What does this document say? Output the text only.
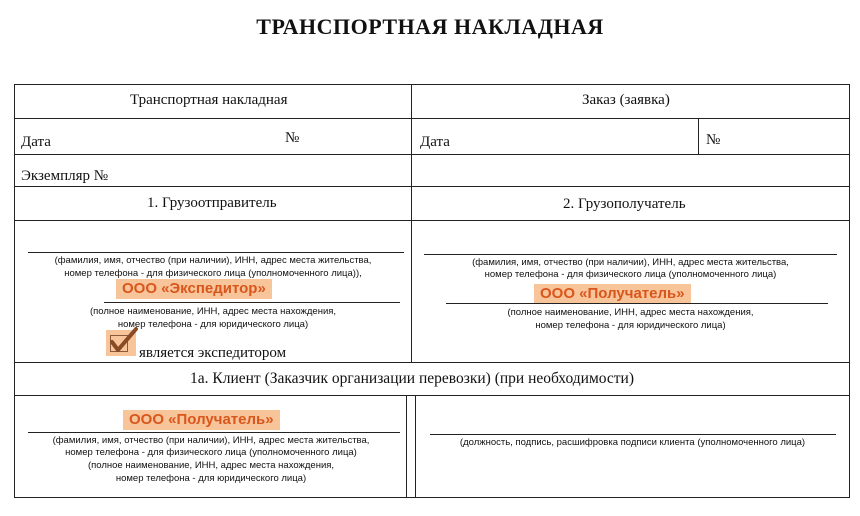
ТРАНСПОРТНАЯ НАКЛАДНАЯ
Транспортная накладная	Заказ (заявка)
Дата	№	Дата	№
Экземпляр №
1. Грузоотправитель	2. Грузополучатель
(фамилия, имя, отчество (при наличии), ИНН, адрес места жительства,
номер телефона - для физического лица (уполномоченного лица)),
ООО «Экспедитор»
(полное наименование, ИНН, адрес места нахождения,
номер телефона - для юридического лица)
является экспедитором
(фамилия, имя, отчество (при наличии), ИНН, адрес места жительства,
номер телефона - для физического лица (уполномоченного лица)
ООО «Получатель»
(полное наименование, ИНН, адрес места нахождения,
номер телефона - для юридического лица)
1а. Клиент (Заказчик организации перевозки) (при необходимости)
ООО «Получатель»
(фамилия, имя, отчество (при наличии), ИНН, адрес места жительства,
номер телефона - для физического лица (уполномоченного лица)
(полное наименование, ИНН, адрес места нахождения,
номер телефона - для юридического лица)
(должность, подпись, расшифровка подписи клиента (уполномоченного лица)
